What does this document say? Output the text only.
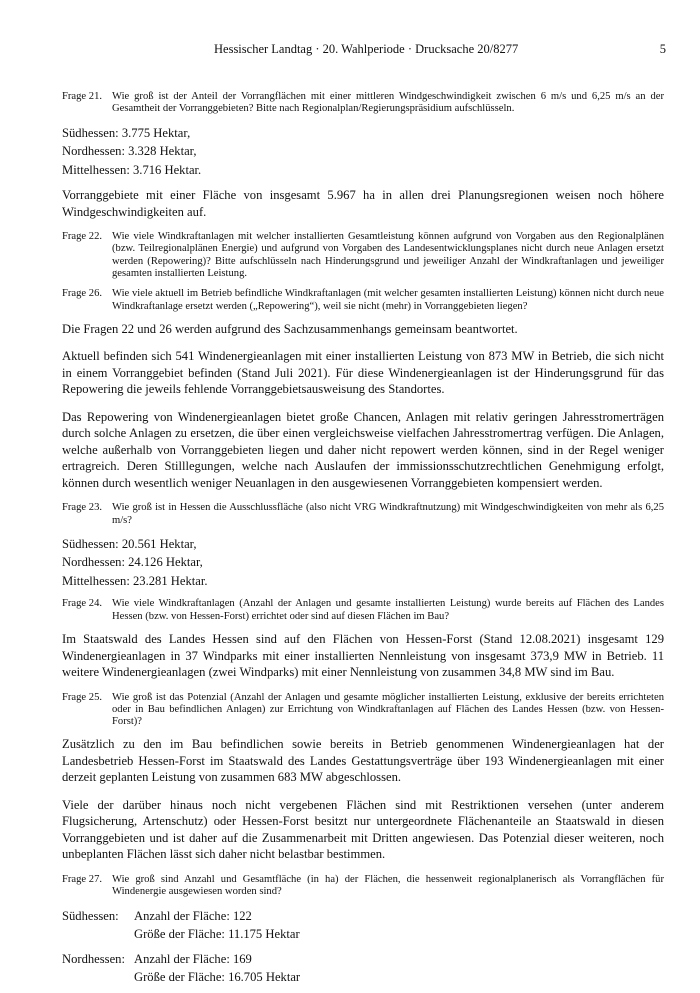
Hessischer Landtag · 20. Wahlperiode · Drucksache 20/8277	5
Frage 21. Wie groß ist der Anteil der Vorrangflächen mit einer mittleren Windgeschwindigkeit zwischen 6 m/s und 6,25 m/s an der Gesamtheit der Vorranggebieten? Bitte nach Regionalplan/Regierungspräsidium aufschlüsseln.
Südhessen: 3.775 Hektar,
Nordhessen: 3.328 Hektar,
Mittelhessen: 3.716 Hektar.

Vorranggebiete mit einer Fläche von insgesamt 5.967 ha in allen drei Planungsregionen weisen noch höhere Windgeschwindigkeiten auf.

Frage 22. Wie viele Windkraftanlagen mit welcher installierten Gesamtleistung können aufgrund von Vorgaben aus den Regionalplänen (bzw. Teilregionalplänen Energie) und aufgrund von Vorgaben des Landesentwicklungsplanes nicht durch neue Anlagen ersetzt werden (Repowering)? Bitte aufschlüsseln nach Hinderungsgrund und jeweiliger Anzahl der Windkraftanlagen und jeweiliger gesamten installierten Leistung.
Frage 26. Wie viele aktuell im Betrieb befindliche Windkraftanlagen (mit welcher gesamten installierten Leistung) können nicht durch neue Windkraftanlage ersetzt werden („Repowering“), weil sie nicht (mehr) in Vorranggebieten liegen?

Die Fragen 22 und 26 werden aufgrund des Sachzusammenhangs gemeinsam beantwortet.

Aktuell befinden sich 541 Windenergieanlagen mit einer installierten Leistung von 873 MW in Betrieb, die sich nicht in einem Vorranggebiet befinden (Stand Juli 2021). Für diese Windenergieanlagen ist der Hinderungsgrund für das Repowering die jeweils fehlende Vorranggebietsausweisung des Standortes.

Das Repowering von Windenergieanlagen bietet große Chancen, Anlagen mit relativ geringen Jahresstromerträgen durch solche Anlagen zu ersetzen, die über einen vergleichsweise vielfachen Jahresstromertrag verfügen. Die Anlagen, welche außerhalb von Vorranggebieten liegen und daher nicht repowert werden können, sind in der Regel weniger ertragreich. Deren Stilllegungen, welche nach Auslaufen der immissionsschutzrechtlichen Genehmigung erfolgt, können durch wesentlich weniger Neuanlagen in den ausgewiesenen Vorranggebieten kompensiert werden.

Frage 23. Wie groß ist in Hessen die Ausschlussfläche (also nicht VRG Windkraftnutzung) mit Windgeschwindigkeiten von mehr als 6,25 m/s?
Südhessen: 20.561 Hektar,
Nordhessen: 24.126 Hektar,
Mittelhessen: 23.281 Hektar.
Frage 24. Wie viele Windkraftanlagen (Anzahl der Anlagen und gesamte installierten Leistung) wurde bereits auf Flächen des Landes Hessen (bzw. von Hessen-Forst) errichtet oder sind auf diesen Flächen im Bau?

Im Staatswald des Landes Hessen sind auf den Flächen von Hessen-Forst (Stand 12.08.2021) insgesamt 129 Windenergieanlagen in 37 Windparks mit einer installierten Nennleistung von insgesamt 373,9 MW in Betrieb. 11 weitere Windenergieanlagen (zwei Windparks) mit einer Nennleistung von zusammen 34,8 MW sind im Bau.

Frage 25. Wie groß ist das Potenzial (Anzahl der Anlagen und gesamte möglicher installierten Leistung, exklusive der bereits errichteten oder in Bau befindlichen Anlagen) zur Errichtung von Windkraftanlagen auf Flächen des Landes Hessen (bzw. von Hessen-Forst)?

Zusätzlich zu den im Bau befindlichen sowie bereits in Betrieb genommenen Windenergieanlagen hat der Landesbetrieb Hessen-Forst im Staatswald des Landes Gestattungsverträge über 193 Windenergieanlagen mit einer derzeit geplanten Leistung von zusammen 683 MW abgeschlossen.

Viele der darüber hinaus noch nicht vergebenen Flächen sind mit Restriktionen versehen (unter anderem Flugsicherung, Artenschutz) oder Hessen-Forst besitzt nur untergeordnete Flächenanteile an Staatswald in diesen Vorranggebieten und ist daher auf die Zusammenarbeit mit Dritten angewiesen. Das Potenzial dieser weiteren, noch unbeplanten Flächen lässt sich daher nicht belastbar bestimmen.

Frage 27. Wie groß sind Anzahl und Gesamtfläche (in ha) der Flächen, die hessenweit regionalplanerisch als Vorrangflächen für Windenergie ausgewiesen worden sind?
Südhessen:	Anzahl der Fläche: 122
Größe der Fläche: 11.175 Hektar
Nordhessen: Anzahl der Fläche: 169
Größe der Fläche: 16.705 Hektar
